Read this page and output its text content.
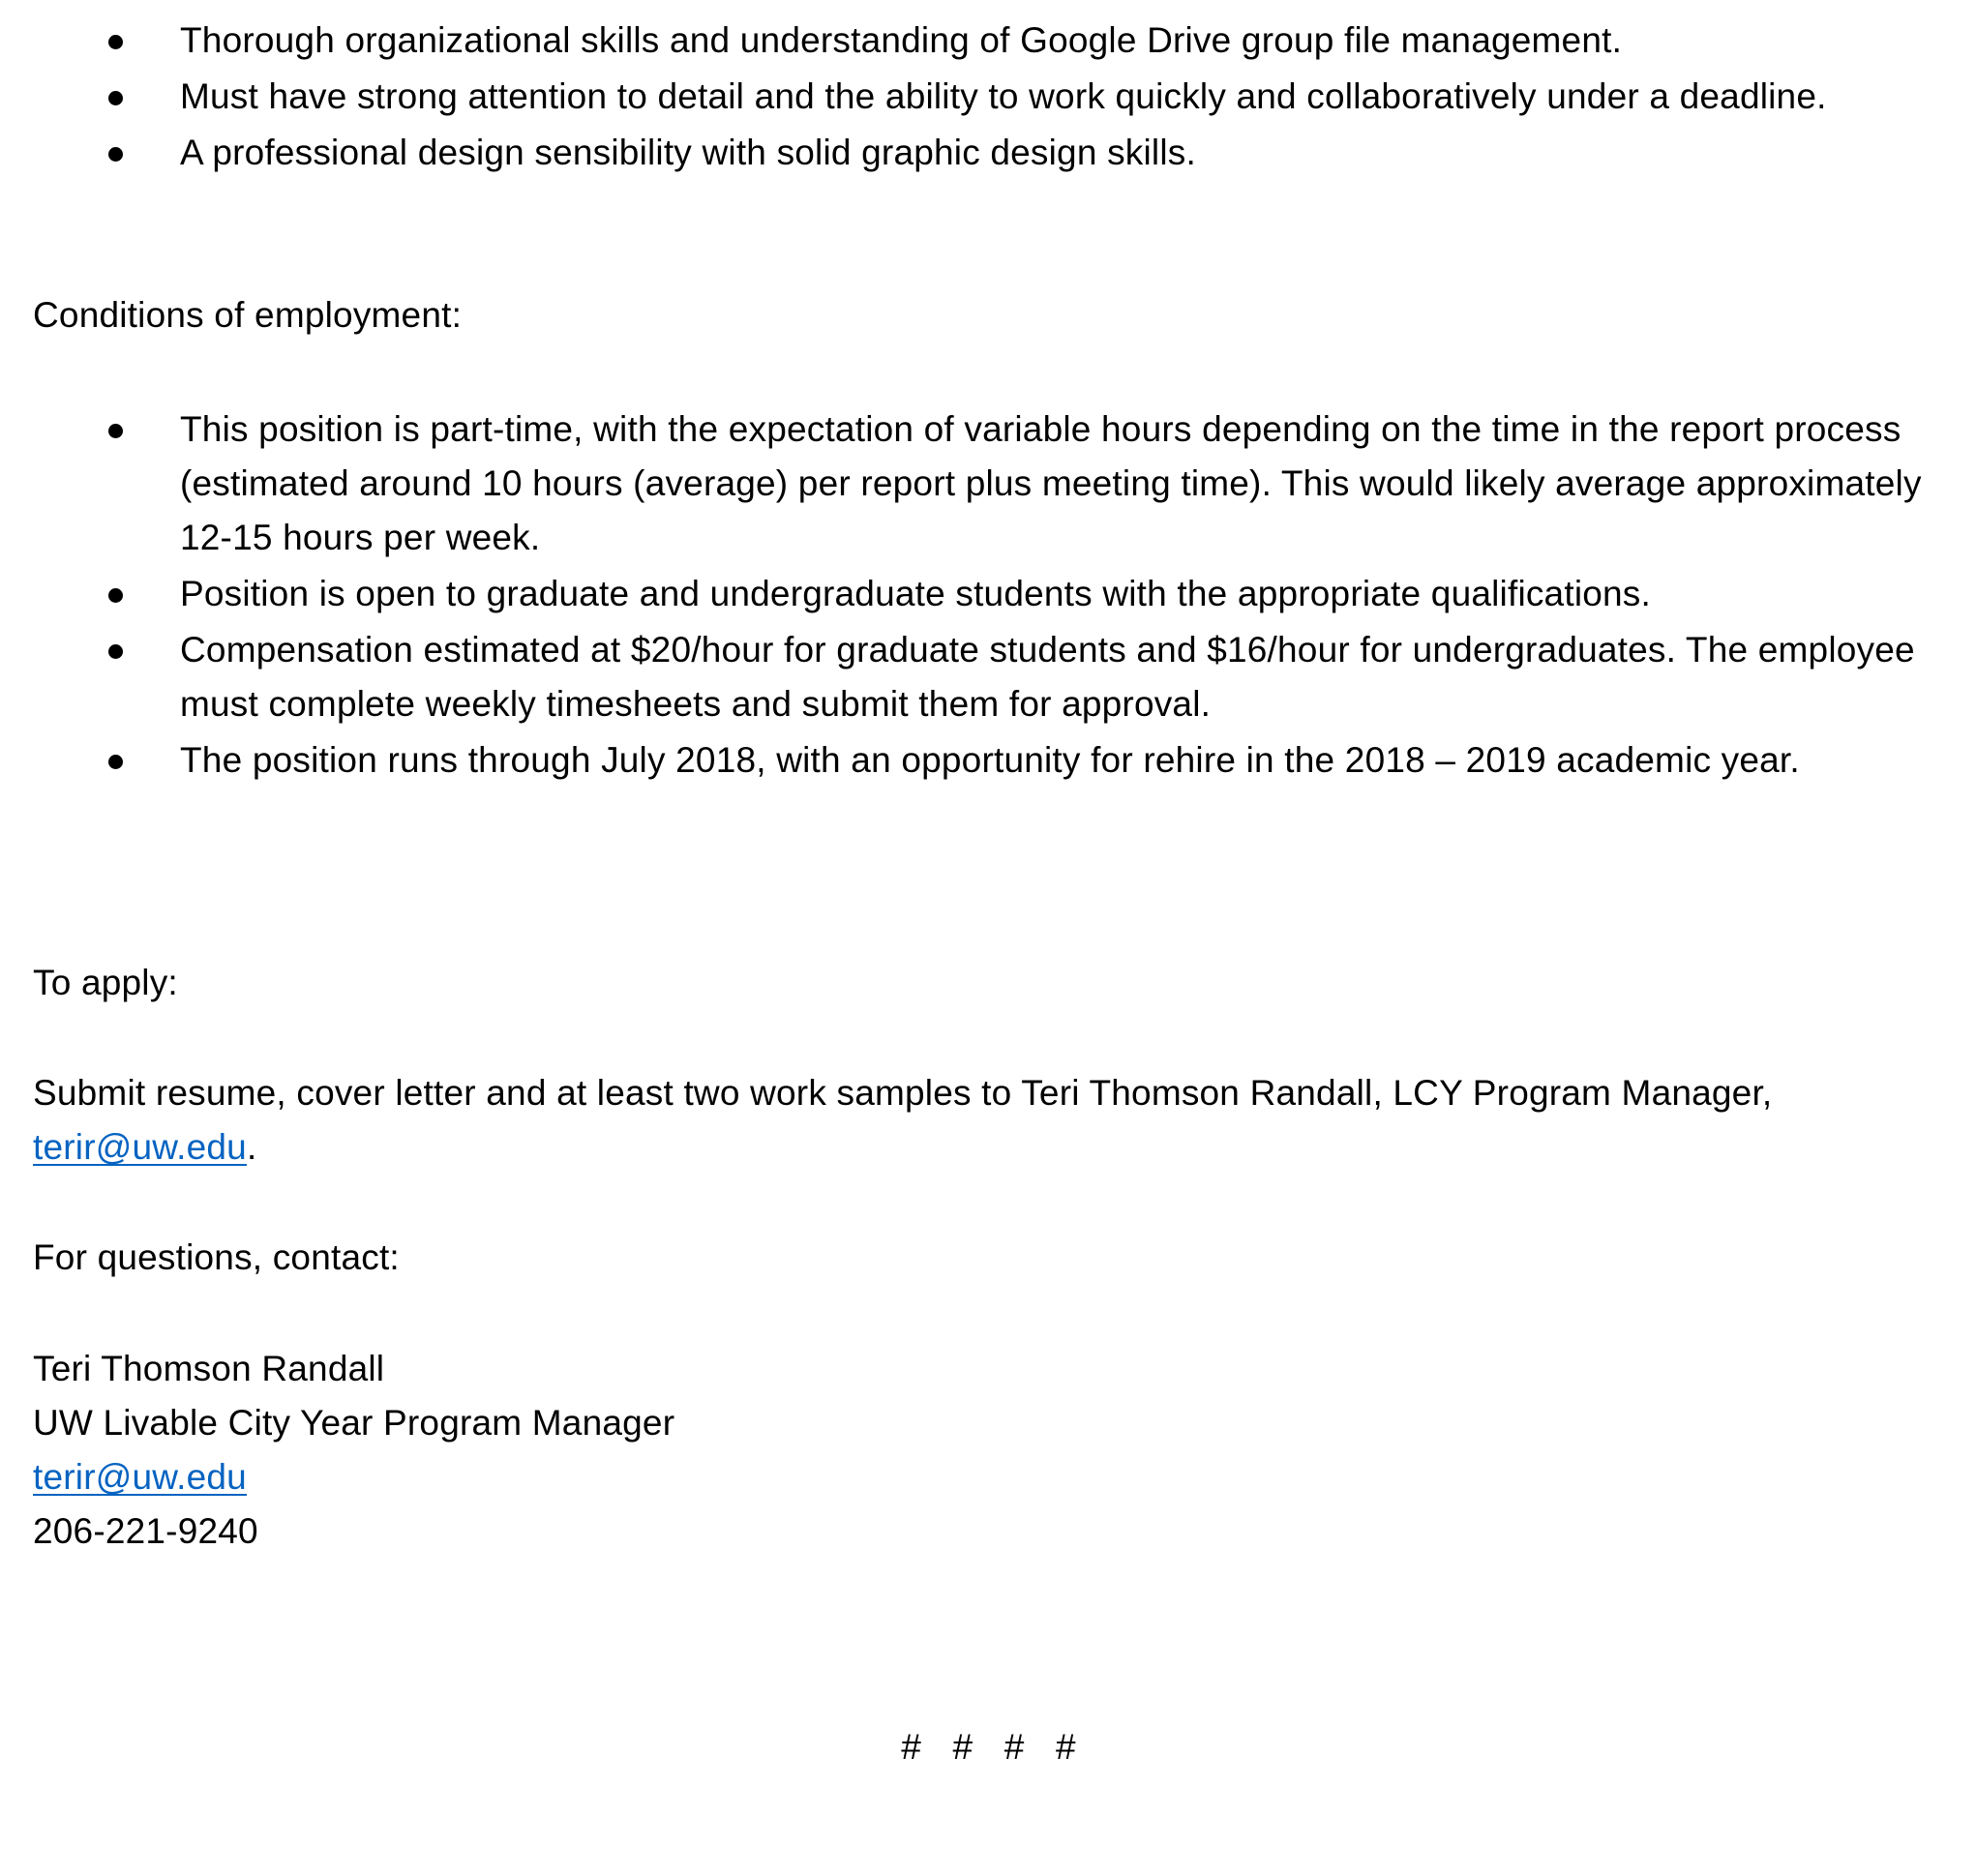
Thorough organizational skills and understanding of Google Drive group file management.
Must have strong attention to detail and the ability to work quickly and collaboratively under a deadline.
A professional design sensibility with solid graphic design skills.
Conditions of employment:
This position is part-time, with the expectation of variable hours depending on the time in the report process (estimated around 10 hours (average) per report plus meeting time). This would likely average approximately 12-15 hours per week.
Position is open to graduate and undergraduate students with the appropriate qualifications.
Compensation estimated at $20/hour for graduate students and $16/hour for undergraduates. The employee must complete weekly timesheets and submit them for approval.
The position runs through July 2018, with an opportunity for rehire in the 2018 – 2019 academic year.
To apply:
Submit resume, cover letter and at least two work samples to Teri Thomson Randall, LCY Program Manager, terir@uw.edu.
For questions, contact:
Teri Thomson Randall
UW Livable City Year Program Manager
terir@uw.edu
206-221-9240
# # # #
